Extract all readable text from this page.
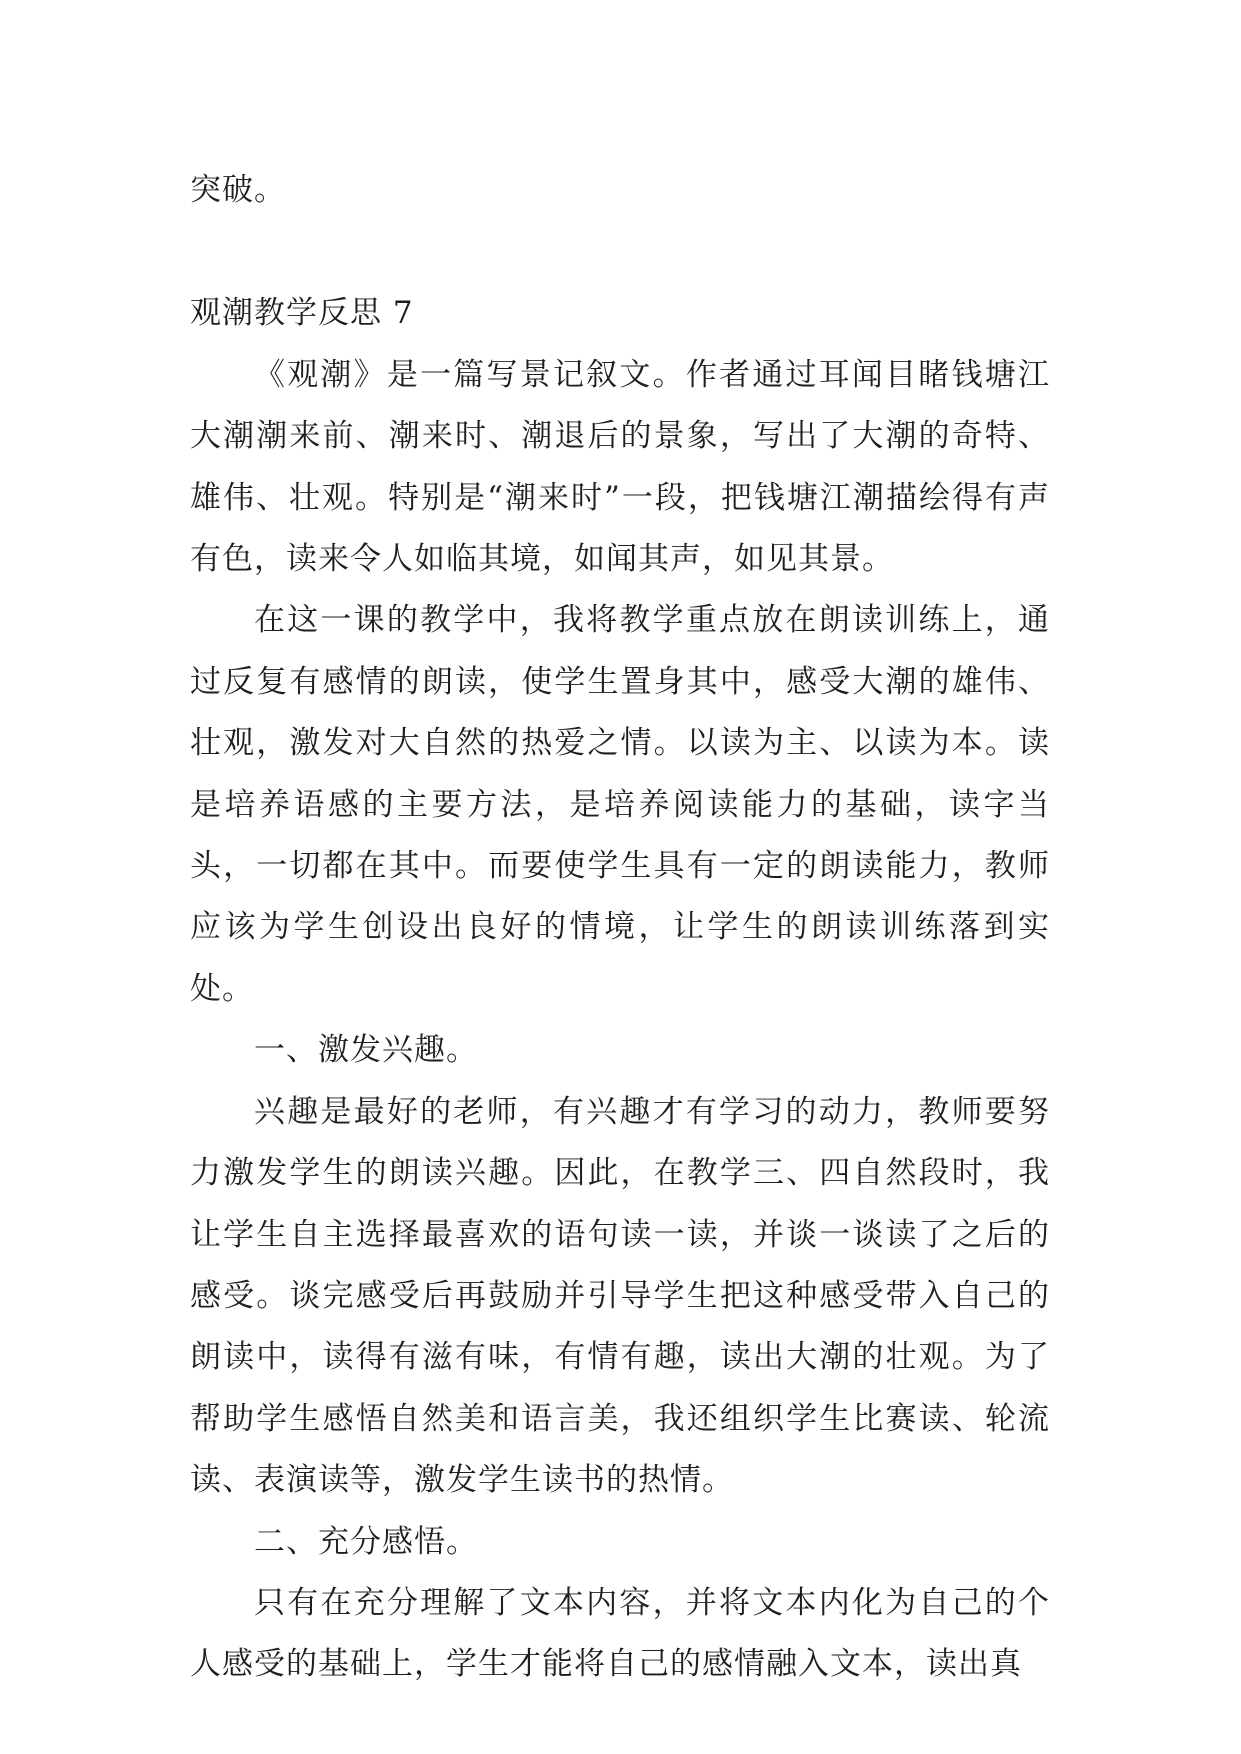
突破。

观潮教学反思 7

《观潮》是一篇写景记叙文。作者通过耳闻目睹钱塘江大潮潮来前、潮来时、潮退后的景象，写出了大潮的奇特、雄伟、壮观。特别是“潮来时”一段，把钱塘江潮描绘得有声有色，读来令人如临其境，如闻其声，如见其景。

在这一课的教学中，我将教学重点放在朗读训练上，通过反复有感情的朗读，使学生置身其中，感受大潮的雄伟、壮观，激发对大自然的热爱之情。以读为主、以读为本。读是培养语感的主要方法，是培养阅读能力的基础，读字当头，一切都在其中。而要使学生具有一定的朗读能力，教师应该为学生创设出良好的情境，让学生的朗读训练落到实处。

一、激发兴趣。

兴趣是最好的老师，有兴趣才有学习的动力，教师要努力激发学生的朗读兴趣。因此，在教学三、四自然段时，我让学生自主选择最喜欢的语句读一读，并谈一谈读了之后的感受。谈完感受后再鼓励并引导学生把这种感受带入自己的朗读中，读得有滋有味，有情有趣，读出大潮的壮观。为了帮助学生感悟自然美和语言美，我还组织学生比赛读、轮流读、表演读等，激发学生读书的热情。

二、充分感悟。

只有在充分理解了文本内容，并将文本内化为自己的个人感受的基础上，学生才能将自己的感情融入文本，读出真
